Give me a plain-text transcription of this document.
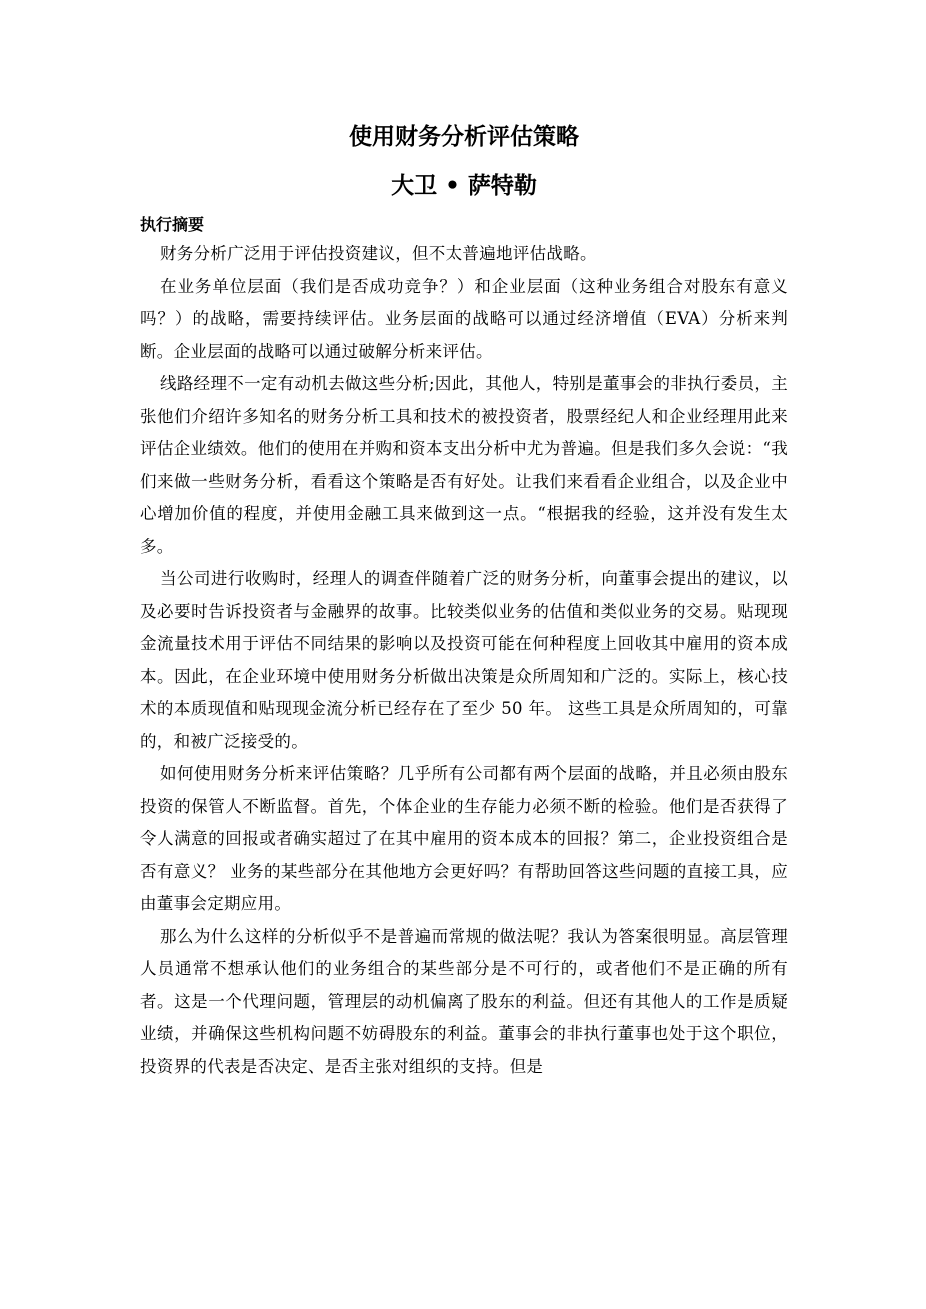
使用财务分析评估策略
大卫 • 萨特勒
执行摘要

财务分析广泛用于评估投资建议，但不太普遍地评估战略。

在业务单位层面（我们是否成功竞争？）和企业层面（这种业务组合对股东有意义吗？）的战略，需要持续评估。业务层面的战略可以通过经济增值（EVA）分析来判断。企业层面的战略可以通过破解分析来评估。

线路经理不一定有动机去做这些分析;因此，其他人，特别是董事会的非执行委员，主张他们介绍许多知名的财务分析工具和技术的被投资者，股票经纪人和企业经理用此来评估企业绩效。他们的使用在并购和资本支出分析中尤为普遍。但是我们多久会说：“我们来做一些财务分析，看看这个策略是否有好处。让我们来看看企业组合，以及企业中心增加价值的程度，并使用金融工具来做到这一点。“根据我的经验，这并没有发生太多。

当公司进行收购时，经理人的调查伴随着广泛的财务分析，向董事会提出的建议，以及必要时告诉投资者与金融界的故事。比较类似业务的估值和类似业务的交易。贴现现金流量技术用于评估不同结果的影响以及投资可能在何种程度上回收其中雇用的资本成本。因此，在企业环境中使用财务分析做出决策是众所周知和广泛的。实际上，核心技术的本质现值和贴现现金流分析已经存在了至少 50 年。 这些工具是众所周知的，可靠的，和被广泛接受的。

如何使用财务分析来评估策略？几乎所有公司都有两个层面的战略，并且必须由股东投资的保管人不断监督。首先，个体企业的生存能力必须不断的检验。他们是否获得了令人满意的回报或者确实超过了在其中雇用的资本成本的回报？第二，企业投资组合是否有意义？ 业务的某些部分在其他地方会更好吗？有帮助回答这些问题的直接工具，应由董事会定期应用。

那么为什么这样的分析似乎不是普遍而常规的做法呢？我认为答案很明显。高层管理人员通常不想承认他们的业务组合的某些部分是不可行的，或者他们不是正确的所有者。这是一个代理问题，管理层的动机偏离了股东的利益。但还有其他人的工作是质疑业绩，并确保这些机构问题不妨碍股东的利益。董事会的非执行董事也处于这个职位，投资界的代表是否决定、是否主张对组织的支持。但是
